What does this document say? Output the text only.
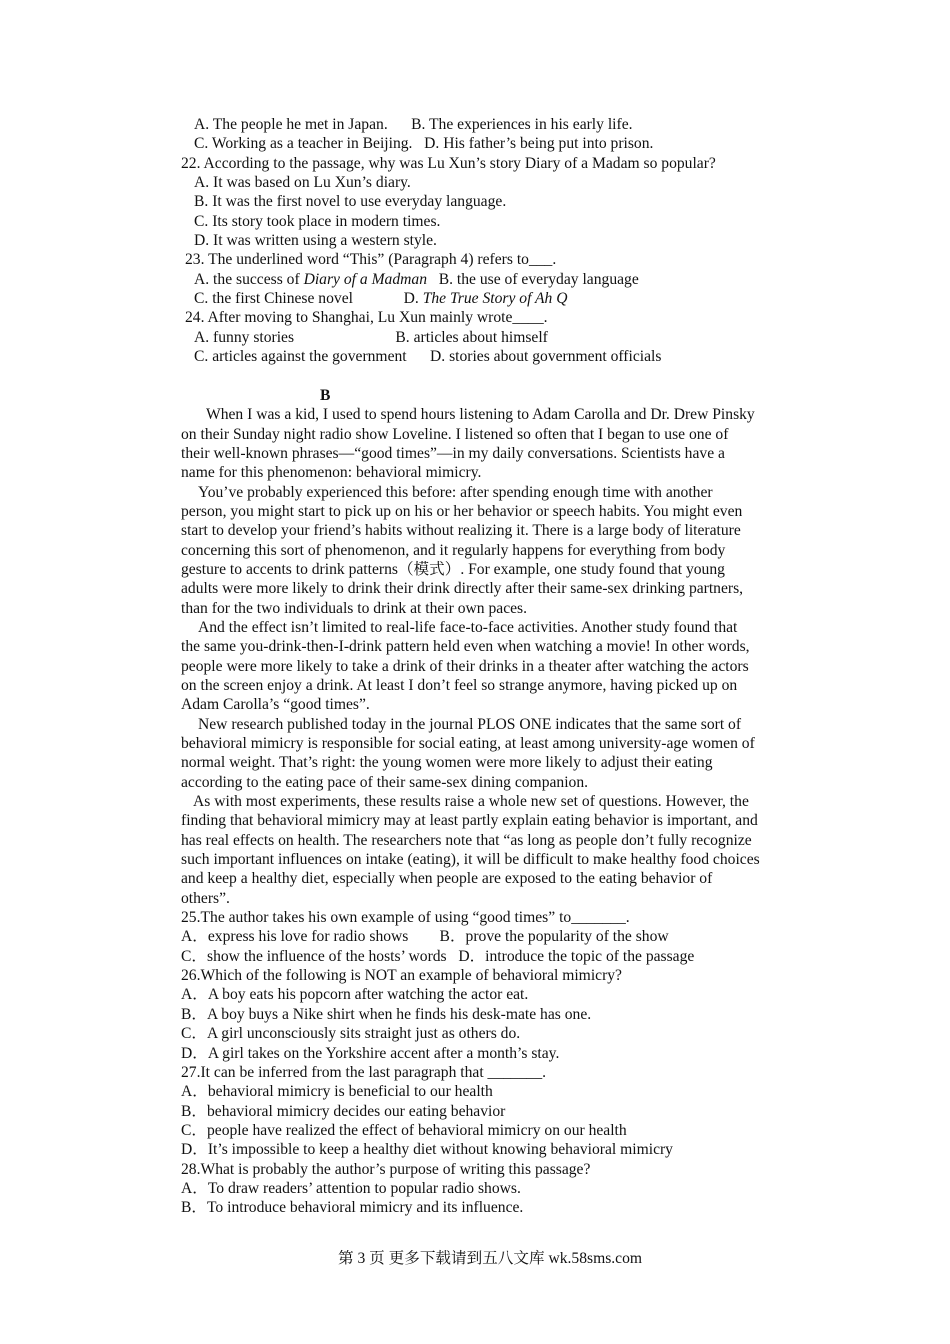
A. The people he met in Japan.      B. The experiences in his early life.
C. Working as a teacher in Beijing.   D. His father’s being put into prison.
22. According to the passage, why was Lu Xun’s story Diary of a Madam so popular?
A. It was based on Lu Xun’s diary.
B. It was the first novel to use everyday language.
C. Its story took place in modern times.
D. It was written using a western style.
23. The underlined word “This” (Paragraph 4) refers to___.
A. the success of Diary of a Madman   B. the use of everyday language
C. the first Chinese novel             D. The True Story of Ah Q
24. After moving to Shanghai, Lu Xun mainly wrote____.
A. funny stories                          B. articles about himself
C. articles against the government      D. stories about government officials
B
When I was a kid, I used to spend hours listening to Adam Carolla and Dr. Drew Pinsky
on their Sunday night radio show Loveline. I listened so often that I began to use one of
their well-known phrases—“good times”—in my daily conversations. Scientists have a
name for this phenomenon: behavioral mimicry.
You’ve probably experienced this before: after spending enough time with another
person, you might start to pick up on his or her behavior or speech habits. You might even
start to develop your friend’s habits without realizing it. There is a large body of literature
concerning this sort of phenomenon, and it regularly happens for everything from body
gesture to accents to drink patterns（模式）. For example, one study found that young
adults were more likely to drink their drink directly after their same-sex drinking partners,
than for the two individuals to drink at their own paces.
And the effect isn’t limited to real-life face-to-face activities. Another study found that
the same you-drink-then-I-drink pattern held even when watching a movie! In other words,
people were more likely to take a drink of their drinks in a theater after watching the actors
on the screen enjoy a drink. At least I don’t feel so strange anymore, having picked up on
Adam Carolla’s “good times”.
New research published today in the journal PLOS ONE indicates that the same sort of
behavioral mimicry is responsible for social eating, at least among university-age women of
normal weight. That’s right: the young women were more likely to adjust their eating
according to the eating pace of their same-sex dining companion.
As with most experiments, these results raise a whole new set of questions. However, the
finding that behavioral mimicry may at least partly explain eating behavior is important, and
has real effects on health. The researchers note that “as long as people don’t fully recognize
such important influences on intake (eating), it will be difficult to make healthy food choices
and keep a healthy diet, especially when people are exposed to the eating behavior of
others”.
25.The author takes his own example of using “good times” to_______.
A．express his love for radio shows        B．prove the popularity of the show
C．show the influence of the hosts’ words   D．introduce the topic of the passage
26.Which of the following is NOT an example of behavioral mimicry?
A．A boy eats his popcorn after watching the actor eat.
B．A boy buys a Nike shirt when he finds his desk-mate has one.
C．A girl unconsciously sits straight just as others do.
D．A girl takes on the Yorkshire accent after a month’s stay.
27.It can be inferred from the last paragraph that _______.
A．behavioral mimicry is beneficial to our health
B．behavioral mimicry decides our eating behavior
C．people have realized the effect of behavioral mimicry on our health
D．It’s impossible to keep a healthy diet without knowing behavioral mimicry
28.What is probably the author’s purpose of writing this passage?
A．To draw readers’ attention to popular radio shows.
B．To introduce behavioral mimicry and its influence.
第 3 页 更多下载请到五八文库 wk.58sms.com
